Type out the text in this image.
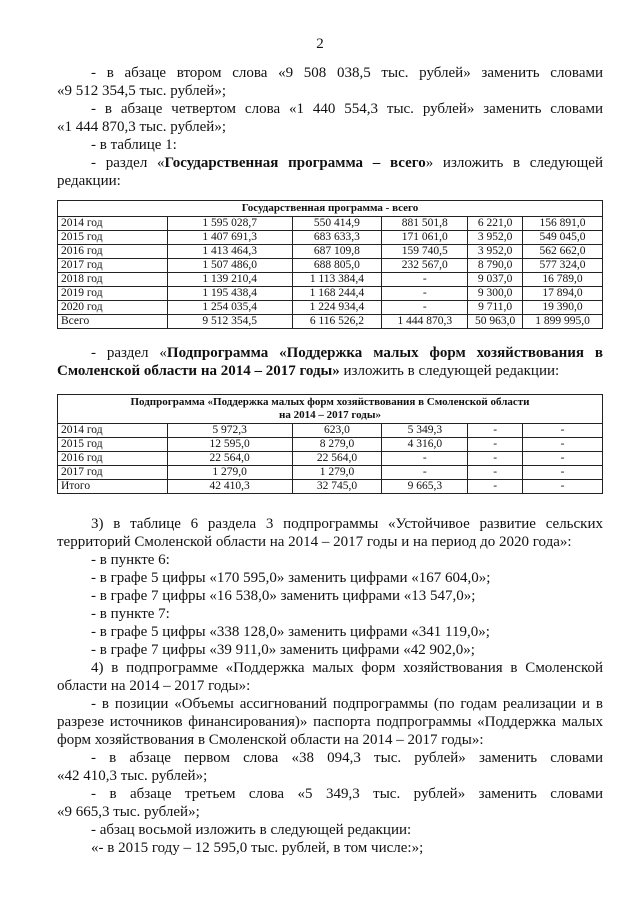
2
- в абзаце втором слова «9 508 038,5 тыс. рублей» заменить словами
«9 512 354,5 тыс. рублей»;
- в абзаце четвертом слова «1 440 554,3 тыс. рублей» заменить словами
«1 444 870,3 тыс. рублей»;
- в таблице 1:
- раздел «Государственная программа – всего» изложить в следующей
редакции:
Государственная программа - всего					
2014 год	1 595 028,7	550 414,9	881 501,8	6 221,0	156 891,0
2015 год	1 407 691,3	683 633,3	171 061,0	3 952,0	549 045,0
2016 год	1 413 464,3	687 109,8	159 740,5	3 952,0	562 662,0
2017 год	1 507 486,0	688 805,0	232 567,0	8 790,0	577 324,0
2018 год	1 139 210,4	1 113 384,4	-	9 037,0	16 789,0
2019 год	1 195 438,4	1 168 244,4	-	9 300,0	17 894,0
2020 год	1 254 035,4	1 224 934,4	-	9 711,0	19 390,0
Всего	9 512 354,5	6 116 526,2	1 444 870,3	50 963,0	1 899 995,0
- раздел «Подпрограмма «Поддержка малых форм хозяйствования в
Смоленской области на 2014 – 2017 годы» изложить в следующей редакции:
Подпрограмма «Поддержка малых форм хозяйствования в Смоленской области
на 2014 – 2017 годы»					

2014 год	5 972,3	623,0	5 349,3	-	-
2015 год	12 595,0	8 279,0	4 316,0	-	-
2016 год	22 564,0	22 564,0	-	-	-
2017 год	1 279,0	1 279,0	-	-	-
Итого	42 410,3	32 745,0	9 665,3	-	-
3) в таблице 6 раздела 3 подпрограммы «Устойчивое развитие сельских
территорий Смоленской области на 2014 – 2017 годы и на период до 2020 года»:
- в пункте 6:
- в графе 5 цифры «170 595,0» заменить цифрами «167 604,0»;
- в графе 7 цифры «16 538,0» заменить цифрами «13 547,0»;
- в пункте 7:
- в графе 5 цифры «338 128,0» заменить цифрами «341 119,0»;
- в графе 7 цифры «39 911,0» заменить цифрами «42 902,0»;
4) в подпрограмме «Поддержка малых форм хозяйствования в Смоленской
области на 2014 – 2017 годы»:
- в позиции «Объемы ассигнований подпрограммы (по годам реализации и в
разрезе источников финансирования)» паспорта подпрограммы «Поддержка малых
форм хозяйствования в Смоленской области на 2014 – 2017 годы»:
- в абзаце первом слова «38 094,3 тыс. рублей» заменить словами
«42 410,3 тыс. рублей»;
- в абзаце третьем слова «5 349,3 тыс. рублей» заменить словами
«9 665,3 тыс. рублей»;
- абзац восьмой изложить в следующей редакции:
«- в 2015 году – 12 595,0 тыс. рублей, в том числе:»;
